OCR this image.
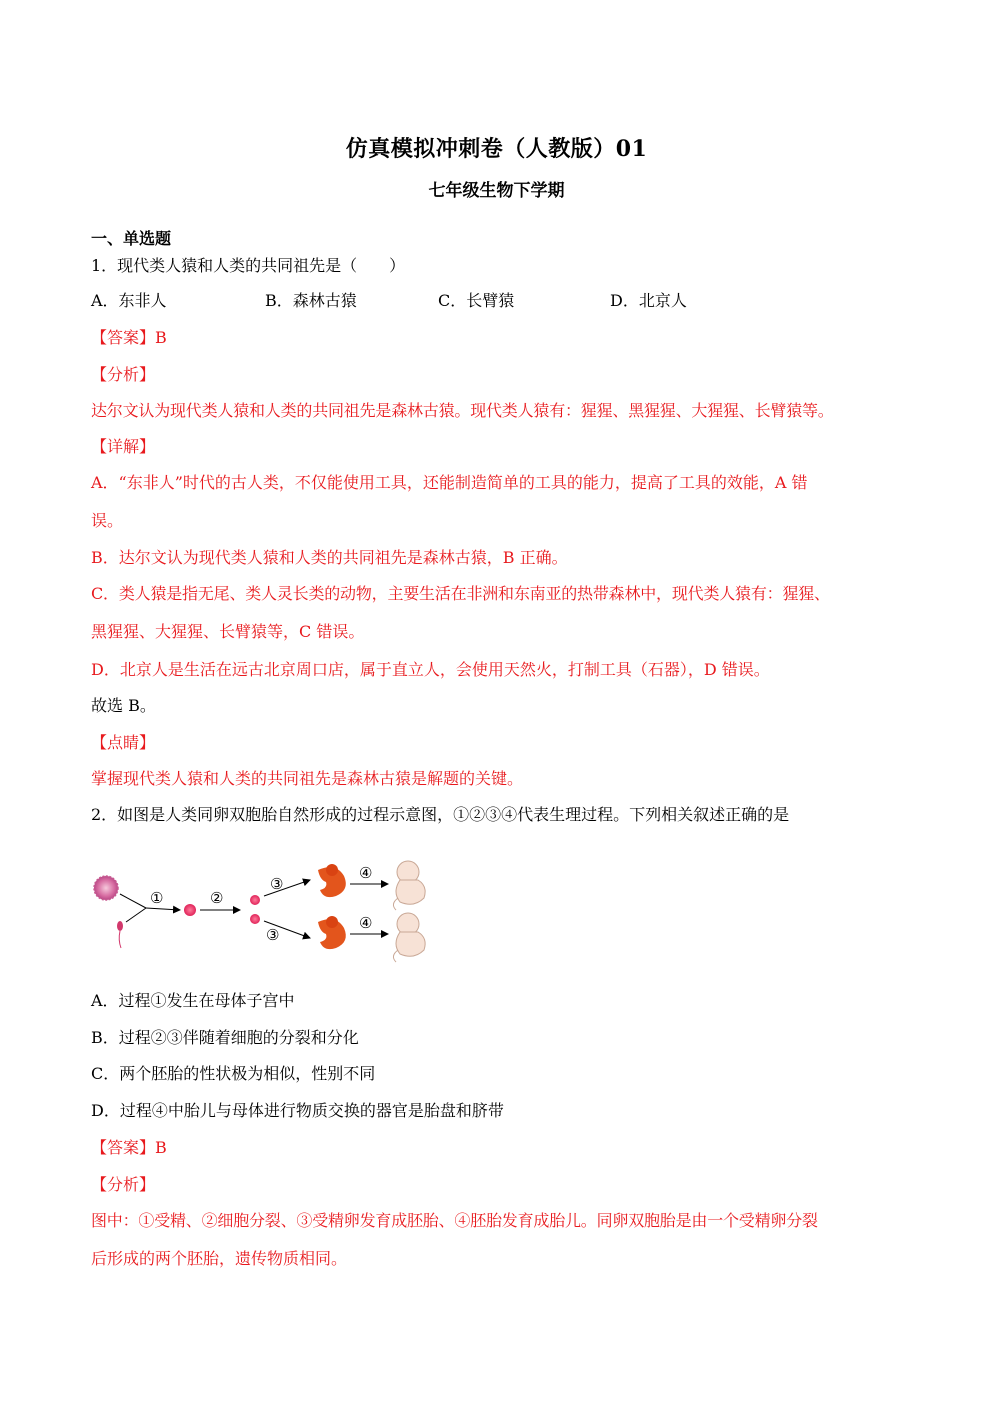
仿真模拟冲刺卷（人教版）01
七年级生物下学期
一、单选题
1．现代类人猿和人类的共同祖先是（　　）
A．东非人	B．森林古猿	C．长臂猿	D．北京人
【答案】B
【分析】
达尔文认为现代类人猿和人类的共同祖先是森林古猿。现代类人猿有：猩猩、黑猩猩、大猩猩、长臂猿等。
【详解】
A．“东非人”时代的古人类，不仅能使用工具，还能制造简单的工具的能力，提高了工具的效能，A 错
误。
B．达尔文认为现代类人猿和人类的共同祖先是森林古猿，B 正确。
C．类人猿是指无尾、类人灵长类的动物，主要生活在非洲和东南亚的热带森林中，现代类人猿有：猩猩、
黑猩猩、大猩猩、长臂猿等，C 错误。
D．北京人是生活在远古北京周口店，属于直立人，会使用天然火，打制工具（石器），D 错误。
故选 B。
【点睛】
掌握现代类人猿和人类的共同祖先是森林古猿是解题的关键。
2．如图是人类同卵双胞胎自然形成的过程示意图，①②③④代表生理过程。下列相关叙述正确的是
①	②
③
③
④
④
A．过程①发生在母体子宫中
B．过程②③伴随着细胞的分裂和分化
C．两个胚胎的性状极为相似，性别不同
D．过程④中胎儿与母体进行物质交换的器官是胎盘和脐带
【答案】B
【分析】
图中：①受精、②细胞分裂、③受精卵发育成胚胎、④胚胎发育成胎儿。同卵双胞胎是由一个受精卵分裂
后形成的两个胚胎，遗传物质相同。
